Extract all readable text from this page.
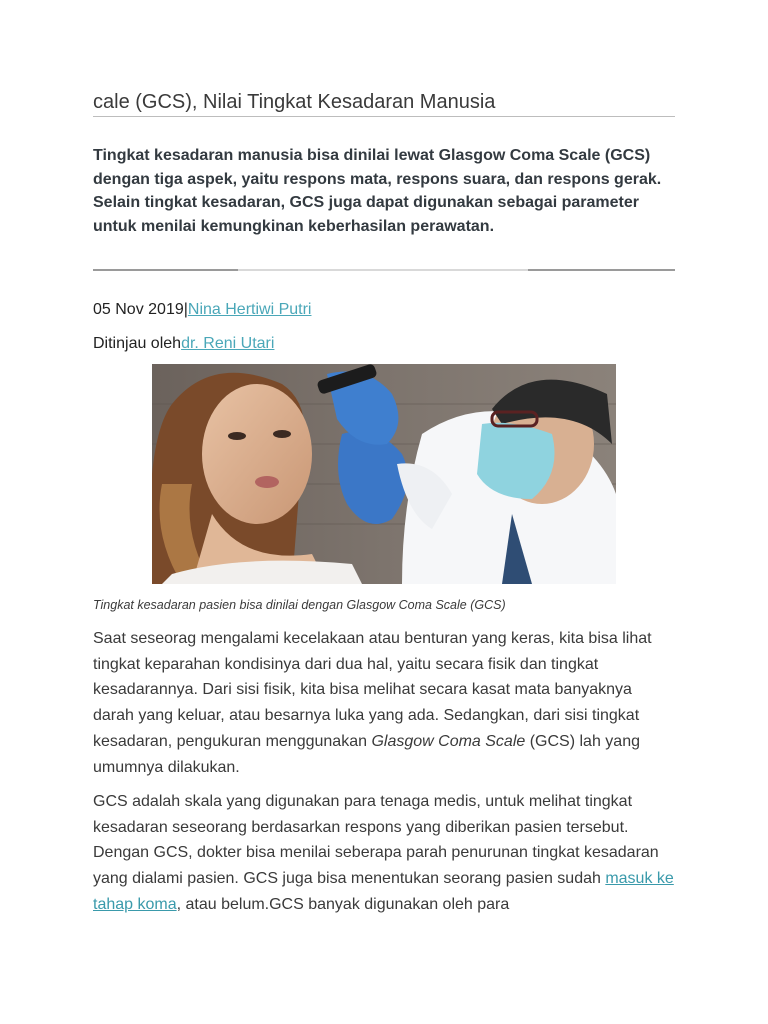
cale (GCS), Nilai Tingkat Kesadaran Manusia
Tingkat kesadaran manusia bisa dinilai lewat Glasgow Coma Scale (GCS) dengan tiga aspek, yaitu respons mata, respons suara, dan respons gerak. Selain tingkat kesadaran, GCS juga dapat digunakan sebagai parameter untuk menilai kemungkinan keberhasilan perawatan.
05 Nov 2019|Nina Hertiwi Putri
Ditinjau olehdr. Reni Utari
Tingkat kesadaran pasien bisa dinilai dengan Glasgow Coma Scale (GCS)
Saat seseorag mengalami kecelakaan atau benturan yang keras, kita bisa lihat tingkat keparahan kondisinya dari dua hal, yaitu secara fisik dan tingkat kesadarannya. Dari sisi fisik, kita bisa melihat secara kasat mata banyaknya darah yang keluar, atau besarnya luka yang ada. Sedangkan, dari sisi tingkat kesadaran, pengukuran menggunakan Glasgow Coma Scale (GCS) lah yang umumnya dilakukan.
GCS adalah skala yang digunakan para tenaga medis, untuk melihat tingkat kesadaran seseorang berdasarkan respons yang diberikan pasien tersebut. Dengan GCS, dokter bisa menilai seberapa parah penurunan tingkat kesadaran yang dialami pasien. GCS juga bisa menentukan seorang pasien sudah masuk ke tahap koma, atau belum.GCS banyak digunakan oleh para
